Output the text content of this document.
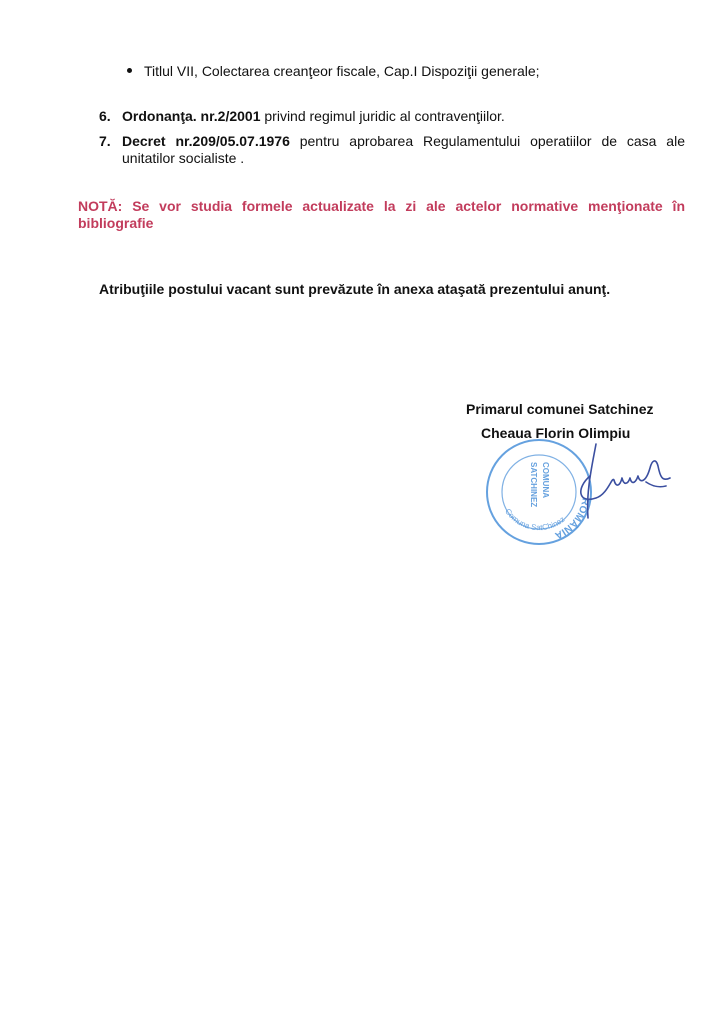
Titlul VII, Colectarea creanţeor fiscale, Cap.I Dispoziţii generale;
6. Ordonanţa. nr.2/2001 privind regimul juridic al contravenţiilor.
7. Decret nr.209/05.07.1976 pentru aprobarea Regulamentului operatiilor de casa ale unitatilor socialiste .
NOTĂ: Se vor studia formele actualizate la zi ale actelor normative menţionate în bibliografie
Atribuţiile postului vacant sunt prevăzute în anexa ataşată prezentului anunţ.
Primarul comunei Satchinez
Cheaua Florin Olimpiu
ROMÂNIA
COMUNA
SATCHINEZ
Comuna SatChinez
